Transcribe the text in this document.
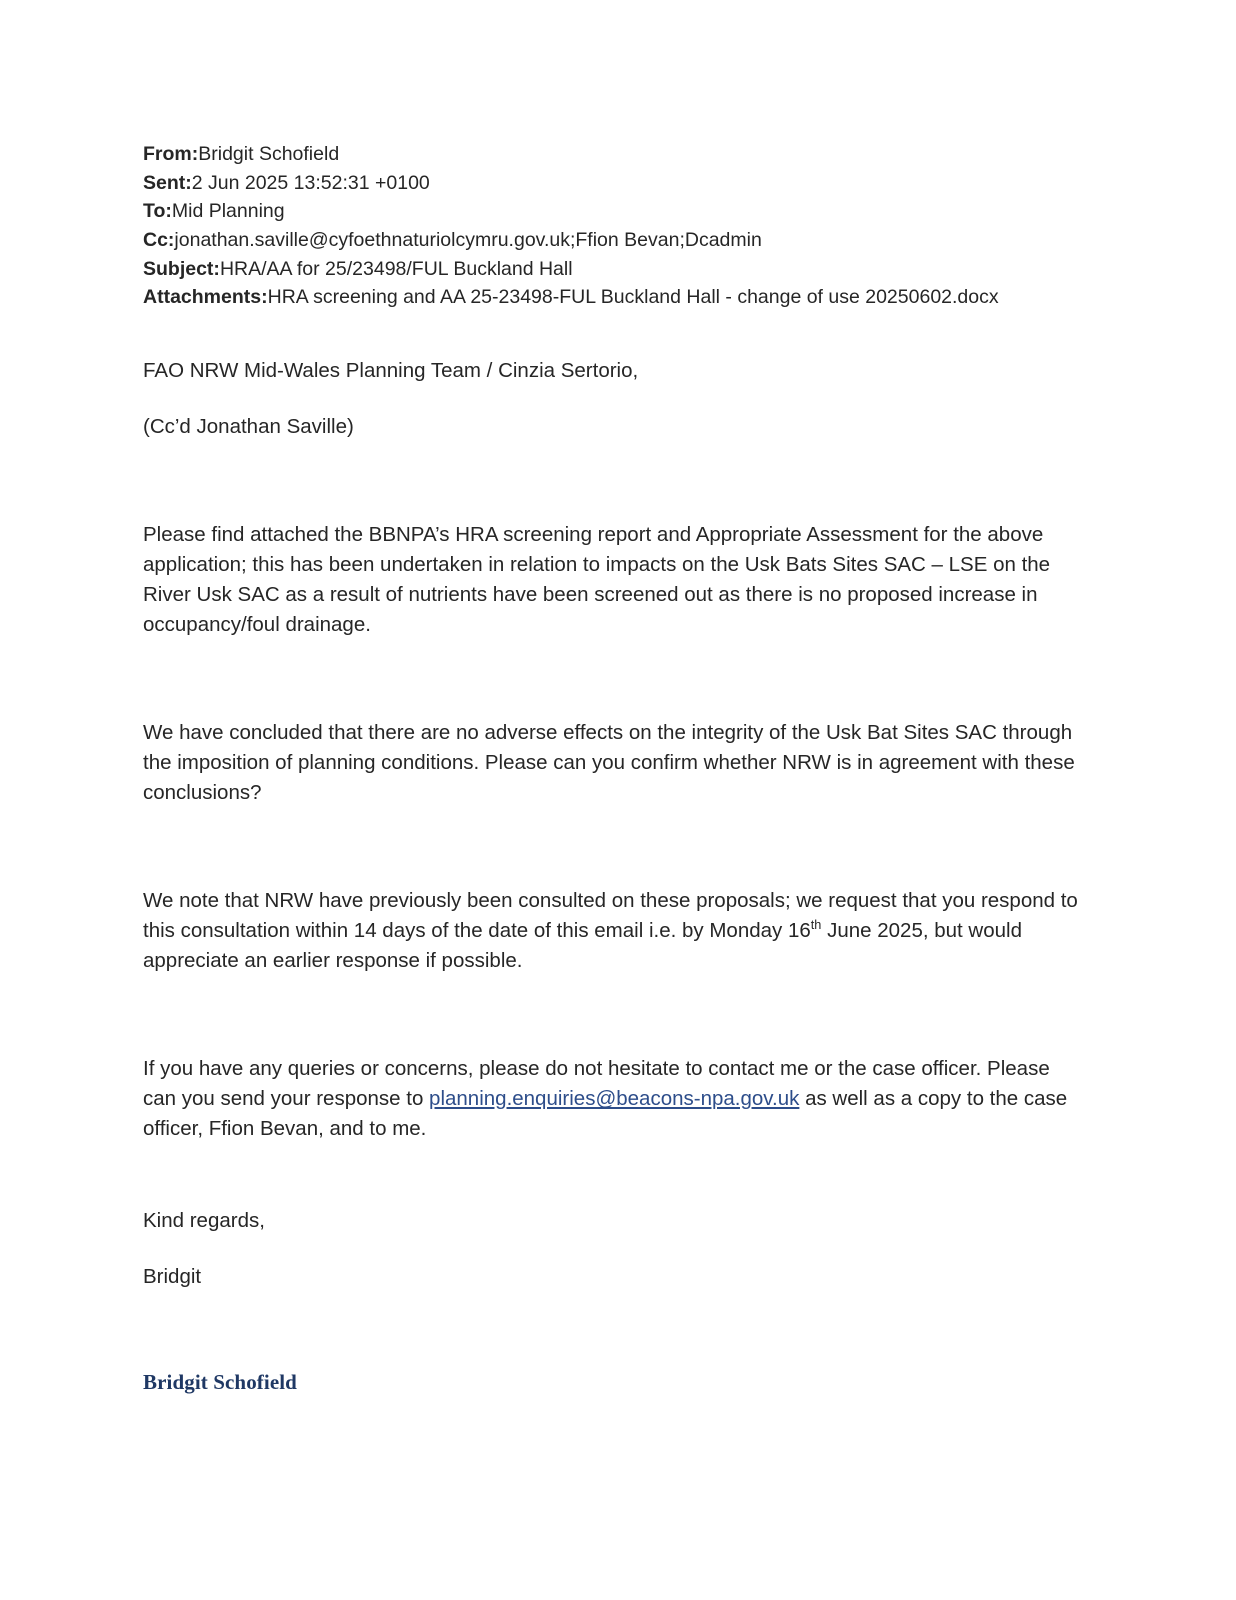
From:Bridgit Schofield
Sent:2 Jun 2025 13:52:31 +0100
To:Mid Planning
Cc:jonathan.saville@cyfoethnaturiolcymru.gov.uk;Ffion Bevan;Dcadmin
Subject:HRA/AA for 25/23498/FUL Buckland Hall
Attachments:HRA screening and AA 25-23498-FUL Buckland Hall - change of use 20250602.docx

FAO NRW Mid-Wales Planning Team / Cinzia Sertorio,

(Cc’d Jonathan Saville)

Please find attached the BBNPA’s HRA screening report and Appropriate Assessment for the above application; this has been undertaken in relation to impacts on the Usk Bats Sites SAC – LSE on the River Usk SAC as a result of nutrients have been screened out as there is no proposed increase in occupancy/foul drainage.

We have concluded that there are no adverse effects on the integrity of the Usk Bat Sites SAC through the imposition of planning conditions. Please can you confirm whether NRW is in agreement with these conclusions?

We note that NRW have previously been consulted on these proposals; we request that you respond to this consultation within 14 days of the date of this email i.e. by Monday 16th June 2025, but would appreciate an earlier response if possible.

If you have any queries or concerns, please do not hesitate to contact me or the case officer. Please can you send your response to planning.enquiries@beacons-npa.gov.uk as well as a copy to the case officer, Ffion Bevan, and to me.

Kind regards,

Bridgit

Bridgit Schofield
